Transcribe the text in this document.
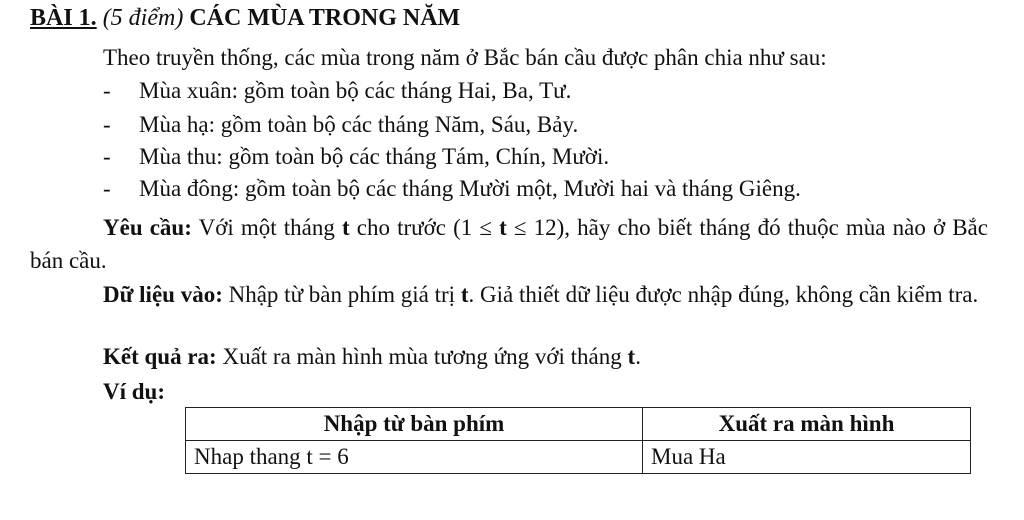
BÀI 1. (5 điểm) CÁC MÙA TRONG NĂM
Theo truyền thống, các mùa trong năm ở Bắc bán cầu được phân chia như sau:
- Mùa xuân: gồm toàn bộ các tháng Hai, Ba, Tư.
- Mùa hạ: gồm toàn bộ các tháng Năm, Sáu, Bảy.
- Mùa thu: gồm toàn bộ các tháng Tám, Chín, Mười.
- Mùa đông: gồm toàn bộ các tháng Mười một, Mười hai và tháng Giêng.
Yêu cầu: Với một tháng t cho trước (1 ≤ t ≤ 12), hãy cho biết tháng đó thuộc mùa nào ở Bắc bán cầu.
Dữ liệu vào: Nhập từ bàn phím giá trị t. Giả thiết dữ liệu được nhập đúng, không cần kiểm tra.
Kết quả ra: Xuất ra màn hình mùa tương ứng với tháng t.
Ví dụ:
Nhập từ bàn phím	Xuất ra màn hình
Nhap thang t = 6	Mua Ha
